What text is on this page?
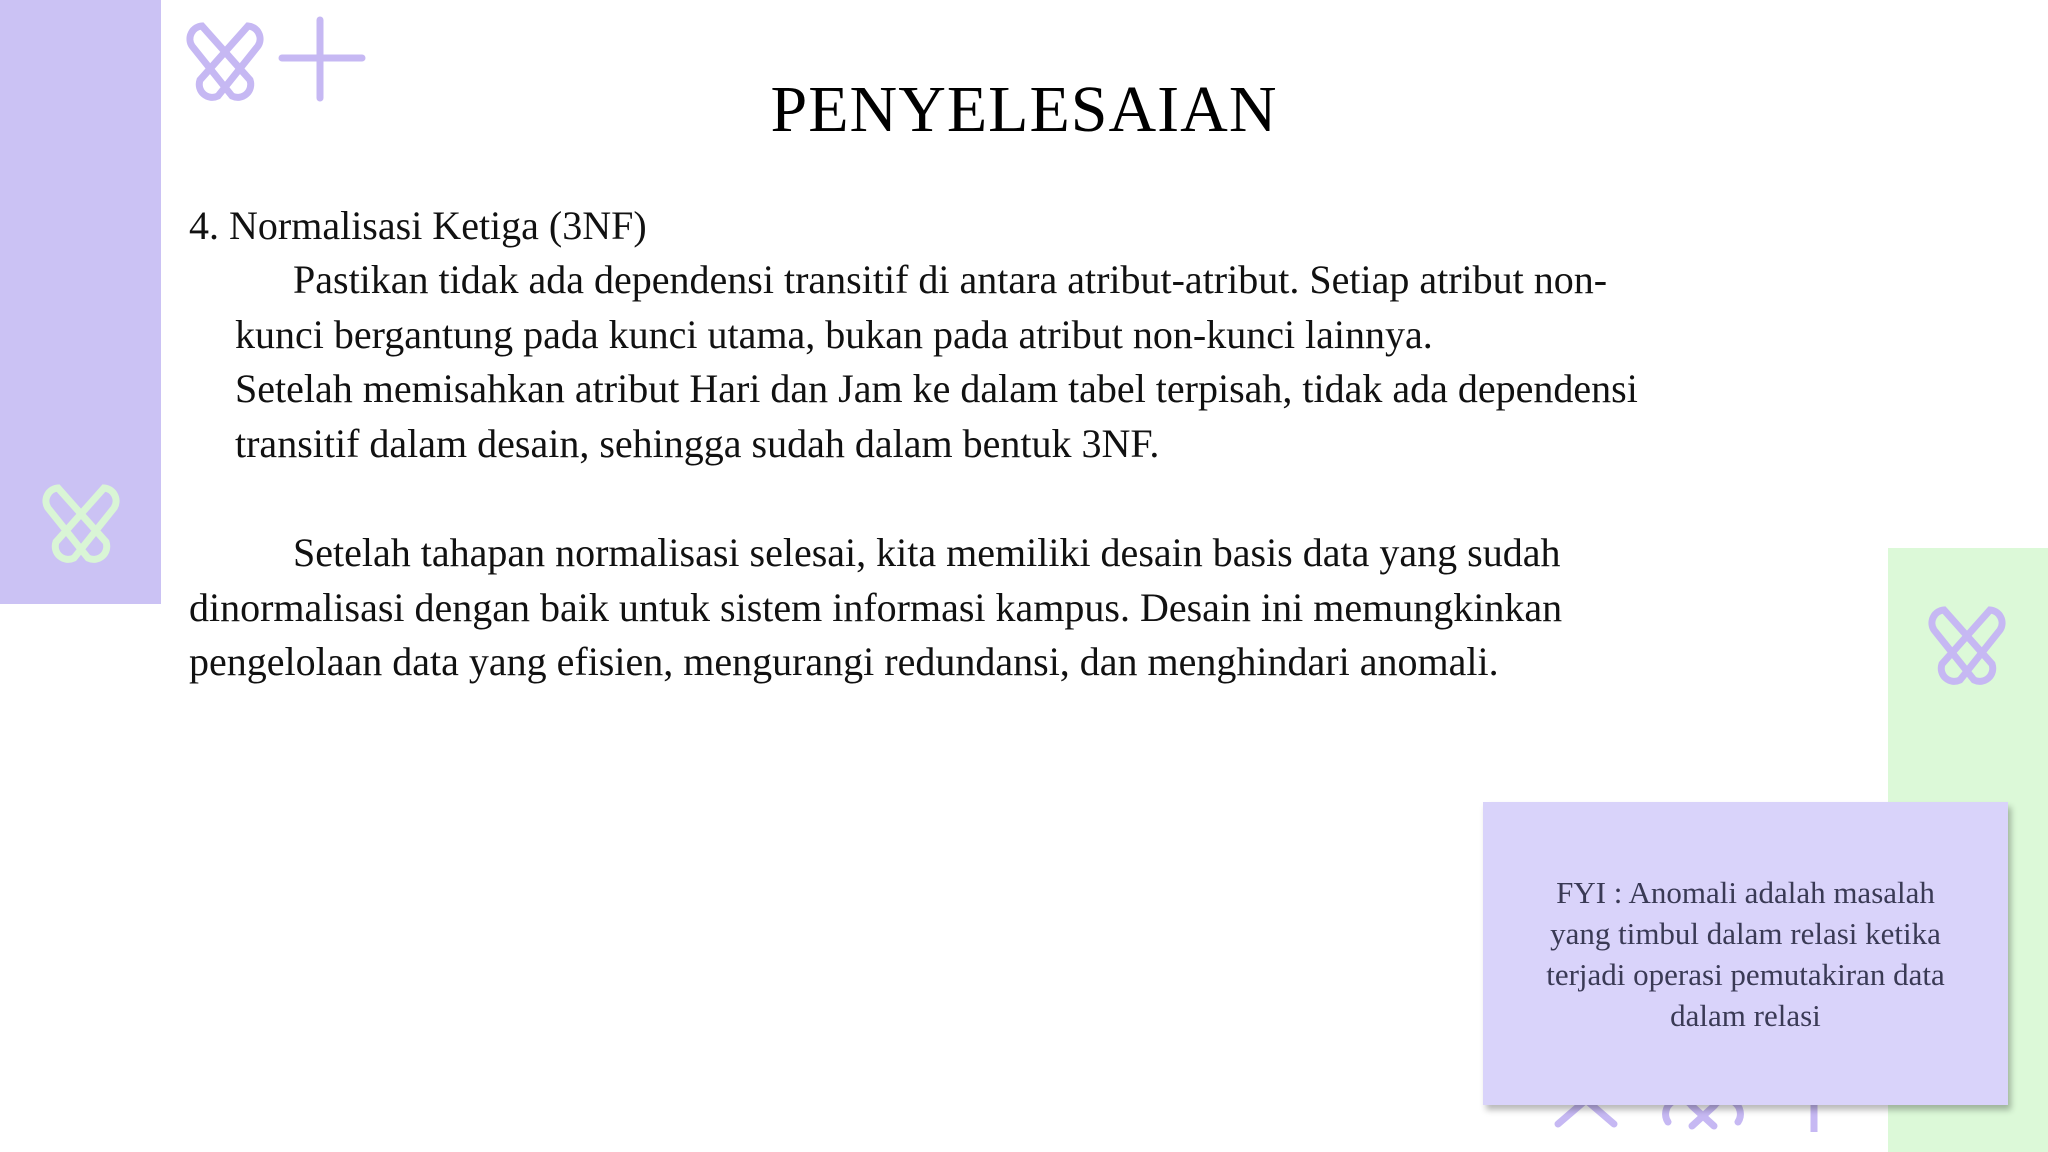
PENYELESAIAN
4. Normalisasi Ketiga (3NF)
Pastikan tidak ada dependensi transitif di antara atribut-atribut. Setiap atribut non-
kunci bergantung pada kunci utama, bukan pada atribut non-kunci lainnya.
Setelah memisahkan atribut Hari dan Jam ke dalam tabel terpisah, tidak ada dependensi
transitif dalam desain, sehingga sudah dalam bentuk 3NF.
Setelah tahapan normalisasi selesai, kita memiliki desain basis data yang sudah
dinormalisasi dengan baik untuk sistem informasi kampus. Desain ini memungkinkan
pengelolaan data yang efisien, mengurangi redundansi, dan menghindari anomali.
FYI : Anomali adalah masalah
yang timbul dalam relasi ketika
terjadi operasi pemutakiran data
dalam relasi
